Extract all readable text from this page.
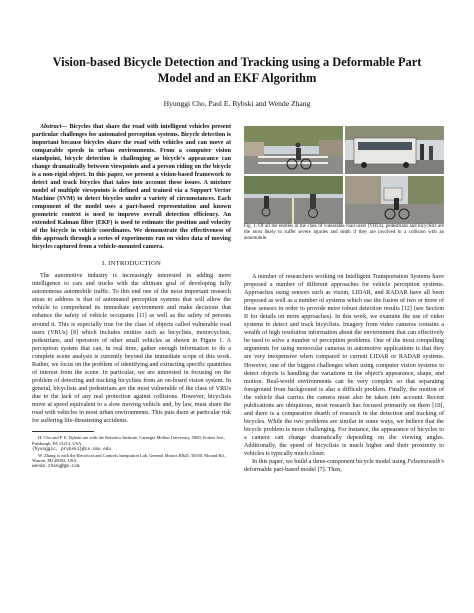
Vision-based Bicycle Detection and Tracking using a Deformable Part Model and an EKF Algorithm
Hyunggi Cho, Paul E. Rybski and Wende Zhang

Abstract— Bicycles that share the road with intelligent vehicles present particular challenges for automated perception systems. Bicycle detection is important because bicycles share the road with vehicles and can move at comparable speeds in urban environments. From a computer vision standpoint, bicycle detection is challenging as bicycle's appearance can change dramatically between viewpoints and a person riding on the bicycle is a non-rigid object. In this paper, we present a vision-based framework to detect and track bicycles that takes into account these issues. A mixture model of multiple viewpoints is defined and trained via a Support Vector Machine (SVM) to detect bicycles under a variety of circumstances. Each component of the model uses a part-based representation and known geometric context is used to improve overall detection efficiency. An extended Kalman filter (EKF) is used to estimate the position and velocity of the bicycle in vehicle coordinates. We demonstrate the effectiveness of this approach through a series of experiments run on video data of moving bicycles captured from a vehicle-mounted camera.

I. INTRODUCTION

The automotive industry is increasingly interested in adding more intelligence to cars and trucks with the ultimate goal of developing fully autonomous automobile traffic. To this end one of the most important research areas to address is that of automated perception systems that will allow the vehicle to comprehend its immediate environment and make decisions that enhance the safety of vehicle occupants [11] as well as the safety of persons around it. This is especially true for the class of objects called vulnerable road users (VRUs) [8] which includes entities such as bicyclists, motorcyclists, pedestrians, and operators of other small vehicles as shown in Figure 1. A perception system that can, in real time, gather enough information to do a complete scene analysis is currently beyond the immediate scope of this work. Rather, we focus on the problem of identifying and extracting specific quantities of interest from the scene. In particular, we are interested in focusing on the problem of detecting and tracking bicyclists from an on-board vision system. In general, bicyclists and pedestrians are the most vulnerable of the class of VRUs due to the lack of any real protection against collisions. However, bicyclists move at speed equivalent to a slow moving vehicle and, by law, must share the road with vehicles in most urban environments. This puts them at particular risk for suffering life-threatening accidents.

H. Cho and P. E. Rybski are with the Robotics Institute, Carnegie Mellon University, 5000, Forbes Ave., Pittsburgh, PA 15213, USA.

{hyunggic, prybski}@cs.cmu.edu

W. Zhang is with the Electrical and Controls Integration Lab, General Motors R&D, 30500, Mound Rd., Warren, MI 48092, USA.

wende.zhang@gm.com

Fig. 1. Of all the entities in the class of vulnerable road users (VRUs), pedestrians and bicyclists are the most likely to suffer severe injuries and death if they are involved in a collision with an automobile.

A number of researchers working on Intelligent Transportation Systems have proposed a number of different approaches for vehicle perception systems. Approaches using sensors such as vision, LIDAR, and RADAR have all been proposed as well as a number of systems which use the fusion of two or more of these sensors in order to provide more robust detection results [12] (see Section II for details on more approaches). In this work, we examine the use of video systems to detect and track bicyclists. Imagery from video cameras contains a wealth of high resolution information about the environment that can effectively be used to solve a number of perception problems. One of the most compelling arguments for using monocular cameras in automotive applications is that they are very inexpensive when compared to current LIDAR or RADAR systems. However, one of the biggest challenges when using computer vision systems to detect objects is handling the variations in the object's appearance, shape, and motion. Real-world environments can be very complex so that separating foreground from background is also a difficult problem. Finally, the motion of the vehicle that carries the camera must also be taken into account. Recent publications are ubiquitous, most research has focused primarily on them [10], and there is a comparative dearth of research in the detection and tracking of bicycles. While the two problems are similar in some ways, we believe that the bicycle problem is more challenging. For instance, the appearance of bicycles to a camera can change dramatically depending on the viewing angles. Additionally, the speed of bicyclists is much higher and their proximity to vehicles is typically much closer.

In this paper, we build a three-component bicycle model using Felzenszwalb's deformable part-based model [7]. Then,
